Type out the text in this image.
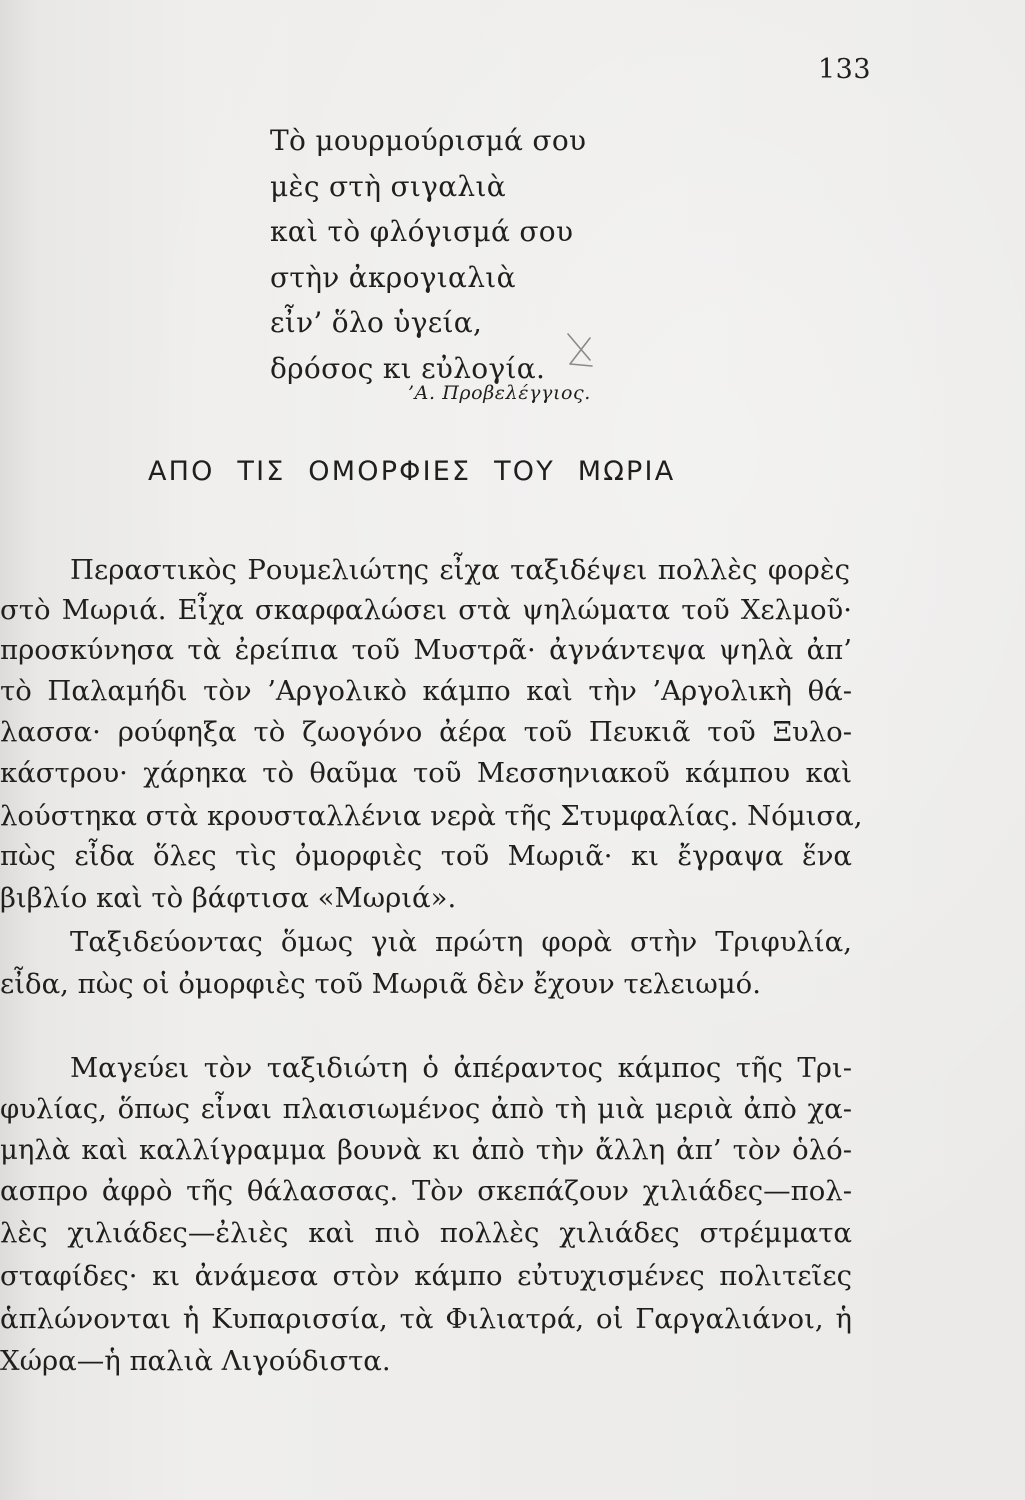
133
Τὸ μουρμούρισμά σου
μὲς στὴ σιγαλιὰ
καὶ τὸ φλόγισμά σου
στὴν ἀκρογιαλιὰ
εἶν’ ὅλο ὑγεία,
δρόσος κι εὐλογία.
’Α. Προβελέγγιος.
ΑΠΟ ΤΙΣ ΟΜΟΡΦΙΕΣ ΤΟΥ ΜΩΡΙΑ
Περαστικὸς Ρουμελιώτης εἶχα ταξιδέψει πολλὲς φορὲς
στὸ Μωριά. Εἶχα σκαρφαλώσει στὰ ψηλώματα τοῦ Χελμοῦ·
προσκύνησα τὰ ἐρείπια τοῦ Μυστρᾶ· ἀγνάντεψα ψηλὰ ἀπ’
τὸ Παλαμήδι τὸν ’Αργολικὸ κάμπο καὶ τὴν ’Αργολικὴ θά-
λασσα· ρούφηξα τὸ ζωογόνο ἀέρα τοῦ Πευκιᾶ τοῦ Ξυλο-
κάστρου· χάρηκα τὸ θαῦμα τοῦ Μεσσηνιακοῦ κάμπου καὶ
λούστηκα στὰ κρουσταλλένια νερὰ τῆς Στυμφαλίας. Νόμισα,
πὼς εἶδα ὅλες τὶς ὀμορφιὲς τοῦ Μωριᾶ· κι ἔγραψα ἕνα
βιβλίο καὶ τὸ βάφτισα «Μωριά».
Ταξιδεύοντας ὅμως γιὰ πρώτη φορὰ στὴν Τριφυλία,
εἶδα, πὼς οἱ ὀμορφιὲς τοῦ Μωριᾶ δὲν ἔχουν τελειωμό.
Μαγεύει τὸν ταξιδιώτη ὁ ἀπέραντος κάμπος τῆς Τρι-
φυλίας, ὅπως εἶναι πλαισιωμένος ἀπὸ τὴ μιὰ μεριὰ ἀπὸ χα-
μηλὰ καὶ καλλίγραμμα βουνὰ κι ἀπὸ τὴν ἄλλη ἀπ’ τὸν ὁλό-
ασπρο ἀφρὸ τῆς θάλασσας. Τὸν σκεπάζουν χιλιάδες—πολ-
λὲς χιλιάδες—ἐλιὲς καὶ πιὸ πολλὲς χιλιάδες στρέμματα
σταφίδες· κι ἀνάμεσα στὸν κάμπο εὐτυχισμένες πολιτεῖες
ἁπλώνονται ἡ Κυπαρισσία, τὰ Φιλιατρά, οἱ Γαργαλιάνοι, ἡ
Χώρα—ἡ παλιὰ Λιγούδιστα.
